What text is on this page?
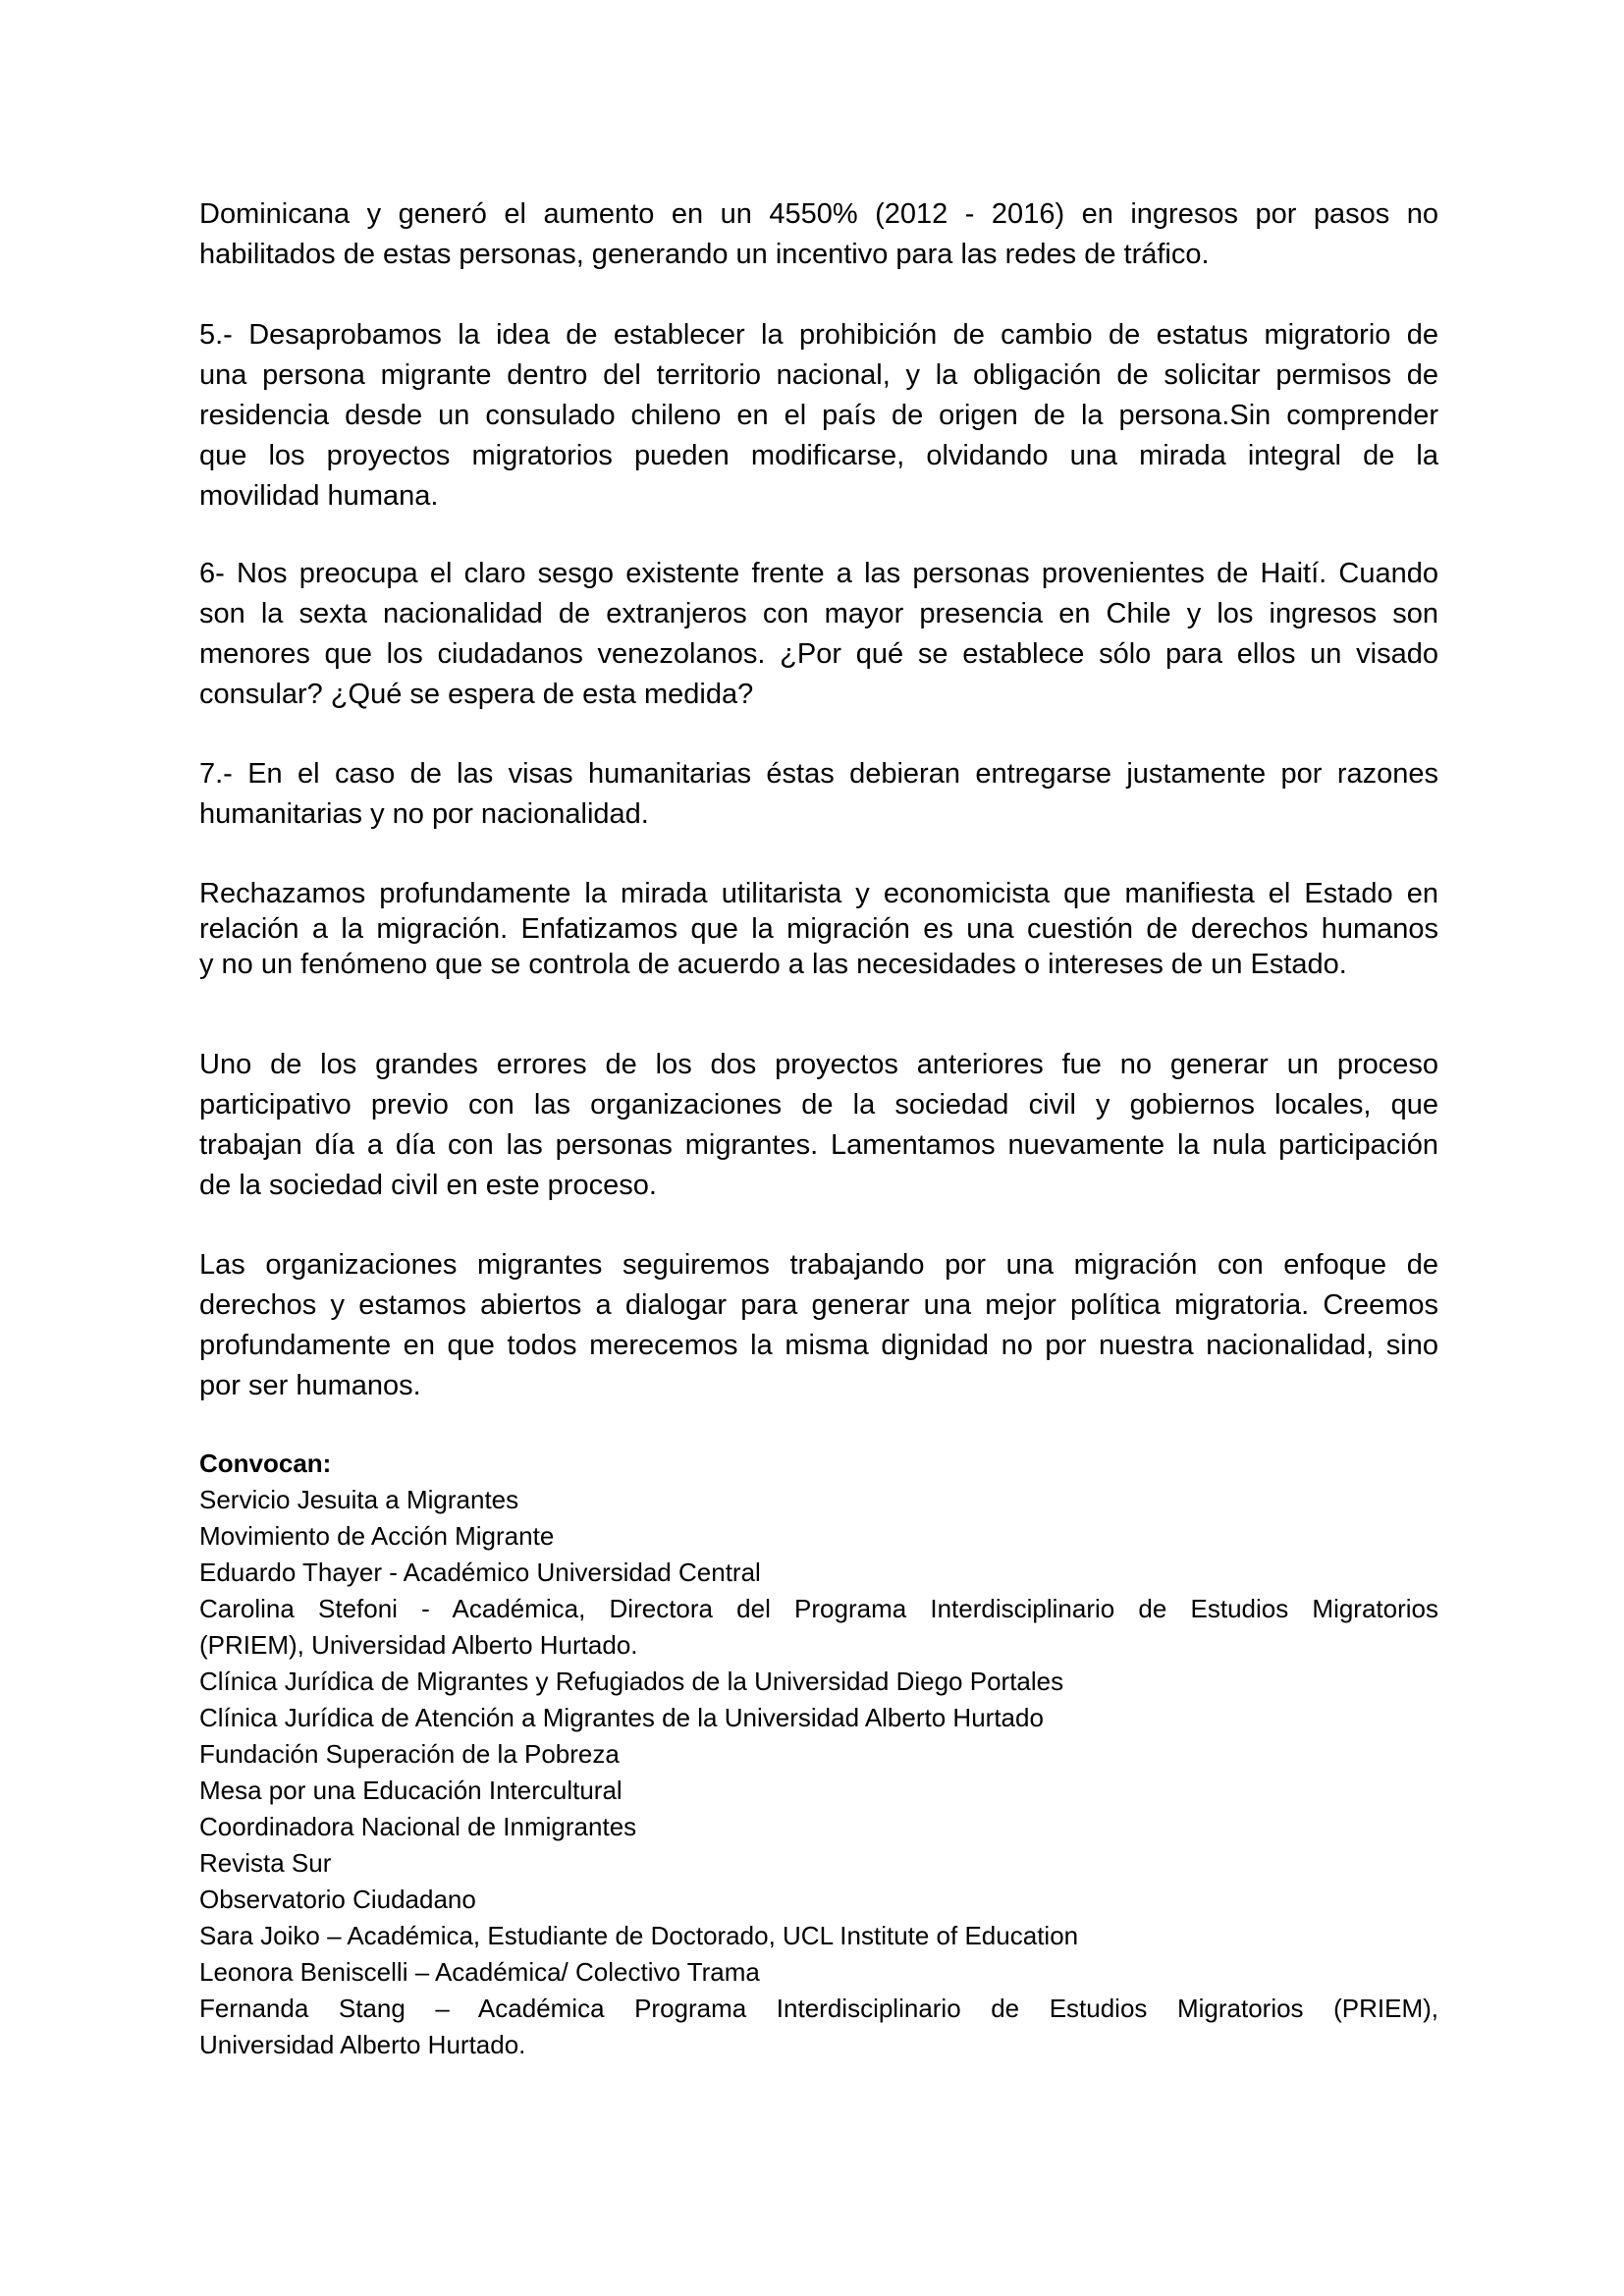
Dominicana y generó el aumento en un 4550% (2012 - 2016) en ingresos por pasos no
habilitados de estas personas, generando un incentivo para las redes de tráfico.
5.- Desaprobamos la idea de establecer la prohibición de cambio de estatus migratorio de
una persona migrante dentro del territorio nacional, y la obligación de solicitar permisos de
residencia desde un consulado chileno en el país de origen de la persona.Sin comprender
que los proyectos migratorios pueden modificarse, olvidando una mirada integral de la
movilidad humana.
6- Nos preocupa el claro sesgo existente frente a las personas provenientes de Haití. Cuando
son la sexta nacionalidad de extranjeros con mayor presencia en Chile y los ingresos son
menores que los ciudadanos venezolanos. ¿Por qué se establece sólo para ellos un visado
consular? ¿Qué se espera de esta medida?
7.- En el caso de las visas humanitarias éstas debieran entregarse justamente por razones
humanitarias y no por nacionalidad.
Rechazamos profundamente la mirada utilitarista y economicista que manifiesta el Estado en
relación a la migración. Enfatizamos que la migración es una cuestión de derechos humanos
y no un fenómeno que se controla de acuerdo a las necesidades o intereses de un Estado.
Uno de los grandes errores de los dos proyectos anteriores fue no generar un proceso
participativo previo con las organizaciones de la sociedad civil y gobiernos locales, que
trabajan día a día con las personas migrantes. Lamentamos nuevamente la nula participación
de la sociedad civil en este proceso.
Las organizaciones migrantes seguiremos trabajando por una migración con enfoque de
derechos y estamos abiertos a dialogar para generar una mejor política migratoria. Creemos
profundamente en que todos merecemos la misma dignidad no por nuestra nacionalidad, sino
por ser humanos.
Convocan:
Servicio Jesuita a Migrantes
Movimiento de Acción Migrante
Eduardo Thayer - Académico Universidad Central
Carolina Stefoni - Académica, Directora del Programa Interdisciplinario de Estudios Migratorios
(PRIEM), Universidad Alberto Hurtado.
Clínica Jurídica de Migrantes y Refugiados de la Universidad Diego Portales
Clínica Jurídica de Atención a Migrantes de la Universidad Alberto Hurtado
Fundación Superación de la Pobreza
Mesa por una Educación Intercultural
Coordinadora Nacional de Inmigrantes
Revista Sur
Observatorio Ciudadano
Sara Joiko – Académica, Estudiante de Doctorado, UCL Institute of Education
Leonora Beniscelli – Académica/ Colectivo Trama
Fernanda Stang – Académica Programa Interdisciplinario de Estudios Migratorios (PRIEM),
Universidad Alberto Hurtado.
